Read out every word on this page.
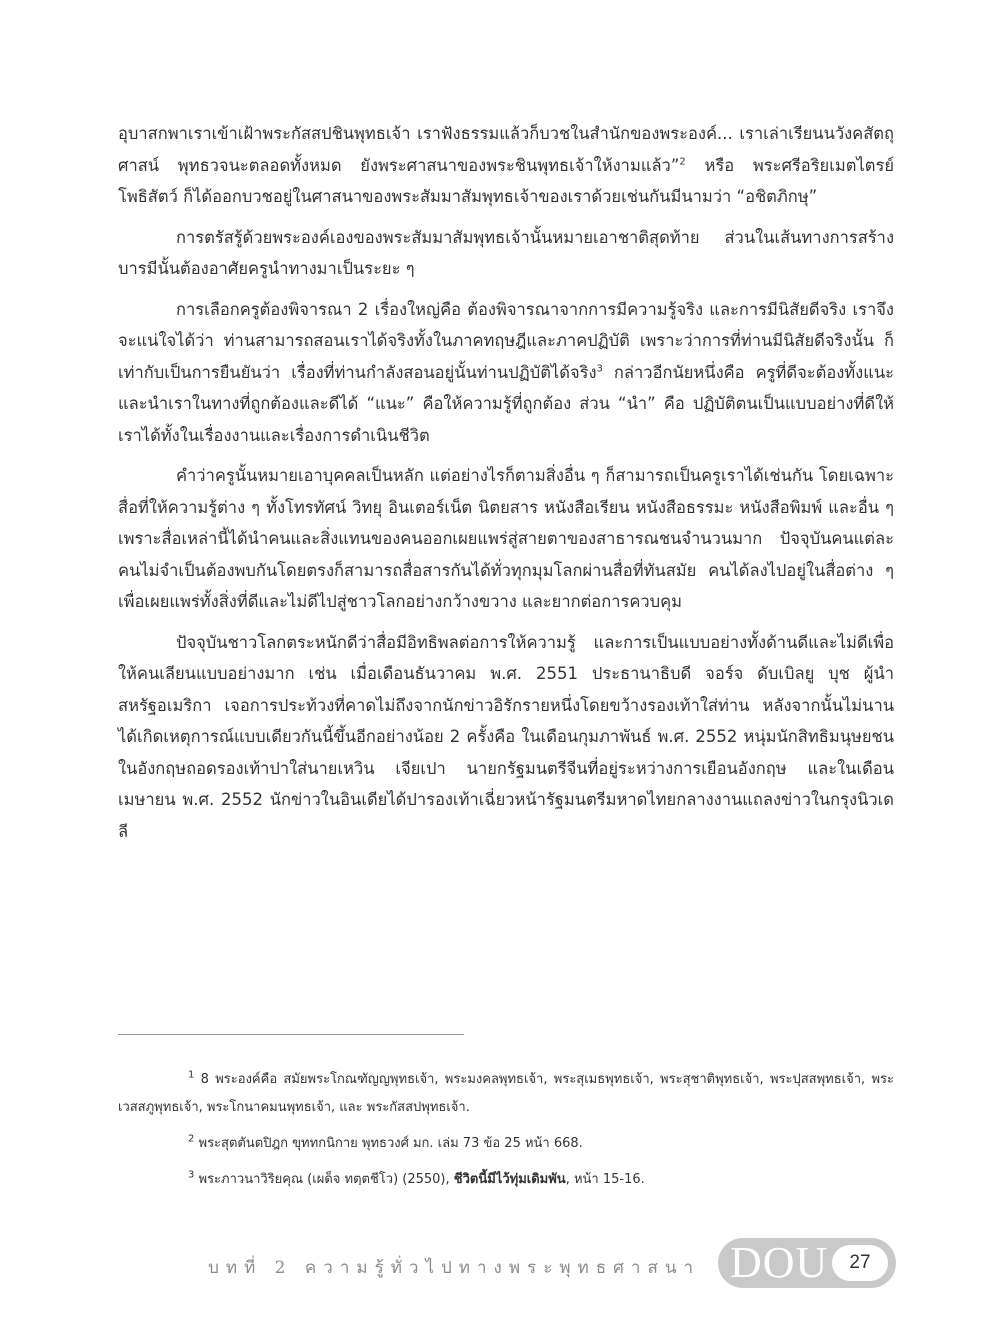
อุบาสกพาเราเข้าเฝ้าพระกัสสปชินพุทธเจ้า เราฟังธรรมแล้วก็บวชในสำนักของพระองค์... เราเล่าเรียนนวังคสัตถุศาสน์ พุทธวจนะตลอดทั้งหมด ยังพระศาสนาของพระชินพุทธเจ้าให้งามแล้ว”$^2$ หรือ พระศรีอริยเมตไตรย์โพธิสัตว์ ก็ได้ออกบวชอยู่ในศาสนาของพระสัมมาสัมพุทธเจ้าของเราด้วยเช่นกันมีนามว่า “อชิตภิกษุ”

การตรัสรู้ด้วยพระองค์เองของพระสัมมาสัมพุทธเจ้านั้นหมายเอาชาติสุดท้าย ส่วนในเส้นทางการสร้างบารมีนั้นต้องอาศัยครูนำทางมาเป็นระยะ ๆ

การเลือกครูต้องพิจารณา 2 เรื่องใหญ่คือ ต้องพิจารณาจากการมีความรู้จริง และการมีนิสัยดีจริง เราจึงจะแน่ใจได้ว่า ท่านสามารถสอนเราได้จริงทั้งในภาคทฤษฎีและภาคปฏิบัติ เพราะว่าการที่ท่านมีนิสัยดีจริงนั้น ก็เท่ากับเป็นการยืนยันว่า เรื่องที่ท่านกำลังสอนอยู่นั้นท่านปฏิบัติได้จริง$^3$ กล่าวอีกนัยหนึ่งคือ ครูที่ดีจะต้องทั้งแนะและนำเราในทางที่ถูกต้องและดีได้ “แนะ” คือให้ความรู้ที่ถูกต้อง ส่วน “นำ” คือ ปฏิบัติตนเป็นแบบอย่างที่ดีให้เราได้ทั้งในเรื่องงานและเรื่องการดำเนินชีวิต

คำว่าครูนั้นหมายเอาบุคคลเป็นหลัก แต่อย่างไรก็ตามสิ่งอื่น ๆ ก็สามารถเป็นครูเราได้เช่นกัน โดยเฉพาะสื่อที่ให้ความรู้ต่าง ๆ ทั้งโทรทัศน์ วิทยุ อินเตอร์เน็ต นิตยสาร หนังสือเรียน หนังสือธรรมะ หนังสือพิมพ์ และอื่น ๆ เพราะสื่อเหล่านี้ได้นำคนและสิ่งแทนของคนออกเผยแพร่สู่สายตาของสาธารณชนจำนวนมาก ปัจจุบันคนแต่ละคนไม่จำเป็นต้องพบกันโดยตรงก็สามารถสื่อสารกันได้ทั่วทุกมุมโลกผ่านสื่อที่ทันสมัย คนได้ลงไปอยู่ในสื่อต่าง ๆ เพื่อเผยแพร่ทั้งสิ่งที่ดีและไม่ดีไปสู่ชาวโลกอย่างกว้างขวาง และยากต่อการควบคุม

ปัจจุบันชาวโลกตระหนักดีว่าสื่อมีอิทธิพลต่อการให้ความรู้ และการเป็นแบบอย่างทั้งด้านดีและไม่ดีเพื่อให้คนเลียนแบบอย่างมาก เช่น เมื่อเดือนธันวาคม พ.ศ. 2551 ประธานาธิบดี จอร์จ ดับเบิลยู บุช ผู้นำสหรัฐอเมริกา เจอการประท้วงที่คาดไม่ถึงจากนักข่าวอิรักรายหนึ่งโดยขว้างรองเท้าใส่ท่าน หลังจากนั้นไม่นานได้เกิดเหตุการณ์แบบเดียวกันนี้ขึ้นอีกอย่างน้อย 2 ครั้งคือ ในเดือนกุมภาพันธ์ พ.ศ. 2552 หนุ่มนักสิทธิมนุษยชนในอังกฤษถอดรองเท้าปาใส่นายเหวิน เจียเปา นายกรัฐมนตรีจีนที่อยู่ระหว่างการเยือนอังกฤษ และในเดือนเมษายน พ.ศ. 2552 นักข่าวในอินเดียได้ปารองเท้าเฉี่ยวหน้ารัฐมนตรีมหาดไทยกลางงานแถลงข่าวในกรุงนิวเดลี

$^1$ 8 พระองค์คือ สมัยพระโกณฑัญญพุทธเจ้า, พระมงคลพุทธเจ้า, พระสุเมธพุทธเจ้า, พระสุชาติพุทธเจ้า, พระปุสสพุทธเจ้า, พระเวสสภูพุทธเจ้า, พระโกนาคมนพุทธเจ้า, และ พระกัสสปพุทธเจ้า.

$^2$ พระสุตตันตปิฎก ขุททกนิกาย พุทธวงศ์ มก. เล่ม 73 ข้อ 25 หน้า 668.

$^3$ พระภาวนาวิริยคุณ (เผด็จ ทตฺตชีโว) (2550), ชีวิตนี้มีไว้ทุ่มเดิมพัน, หน้า 15-16.

บทที่ 2 ความรู้ทั่วไปทางพระพุทธศาสนา DOU	27
